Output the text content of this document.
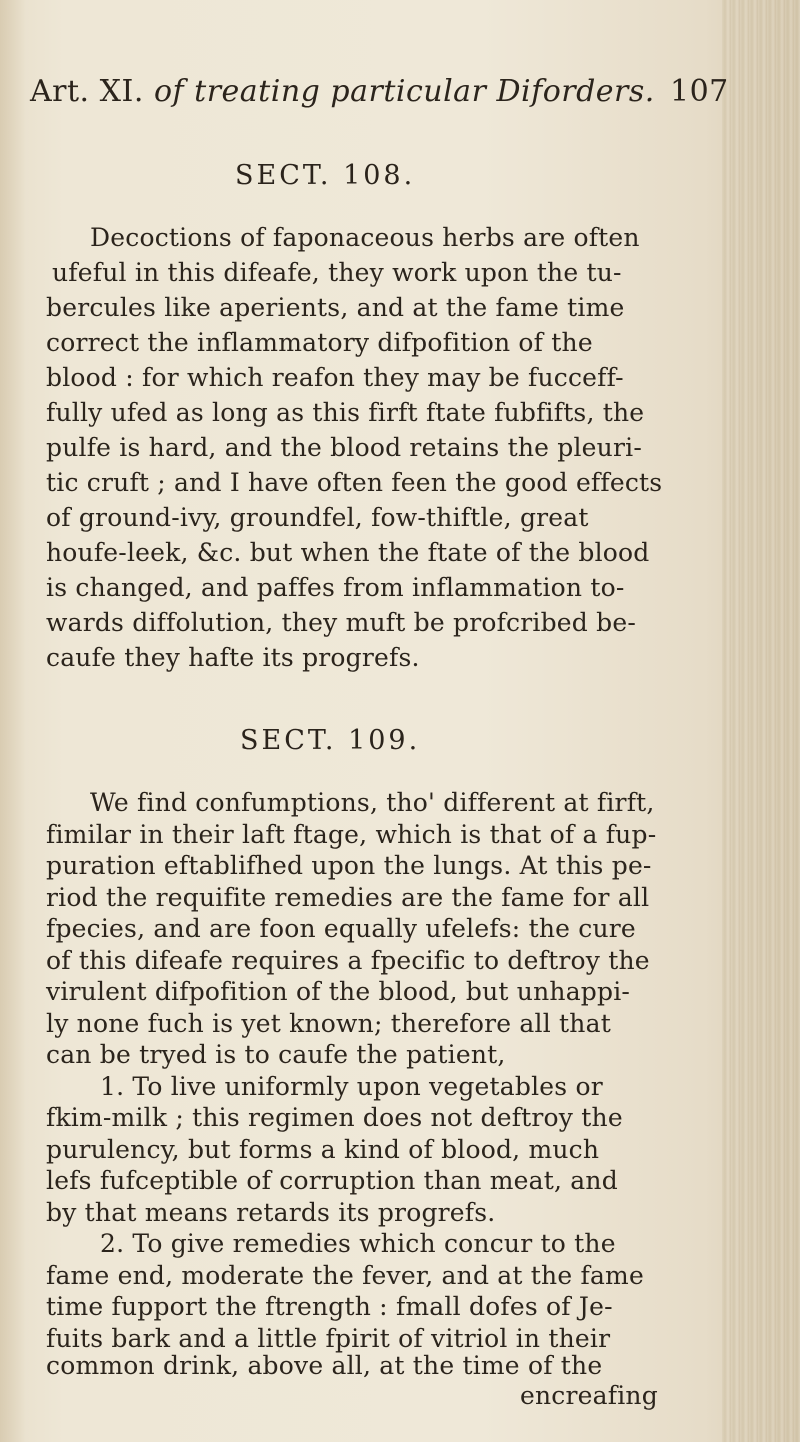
Art. XI. of treating particular Diforders. 107
SECT. 108.
Decoctions of faponaceous herbs are often
ufeful in this difeafe, they work upon the tu-
bercules like aperients, and at the fame time
correct the inflammatory difpofition of the
blood : for which reafon they may be fucceff-
fully ufed as long as this firft ftate fubfifts, the
pulfe is hard, and the blood retains the pleuri-
tic cruft ; and I have often feen the good effects
of ground-ivy, groundfel, fow-thiftle, great
houfe-leek, &c. but when the ftate of the blood
is changed, and paffes from inflammation to-
wards diffolution, they muft be profcribed be-
caufe they hafte its progrefs.
SECT. 109.
We find confumptions, tho' different at firft,
fimilar in their laft ftage, which is that of a fup-
puration eftablifhed upon the lungs. At this pe-
riod the requifite remedies are the fame for all
fpecies, and are foon equally ufelefs: the cure
of this difeafe requires a fpecific to deftroy the
virulent difpofition of the blood, but unhappi-
ly none fuch is yet known; therefore all that
can be tryed is to caufe the patient,
1. To live uniformly upon vegetables or
fkim-milk ; this regimen does not deftroy the
purulency, but forms a kind of blood, much
lefs fufceptible of corruption than meat, and
by that means retards its progrefs.
2. To give remedies which concur to the
fame end, moderate the fever, and at the fame
time fupport the ftrength : fmall dofes of Je-
fuits bark and a little fpirit of vitriol in their
common drink, above all, at the time of the
encreafing
